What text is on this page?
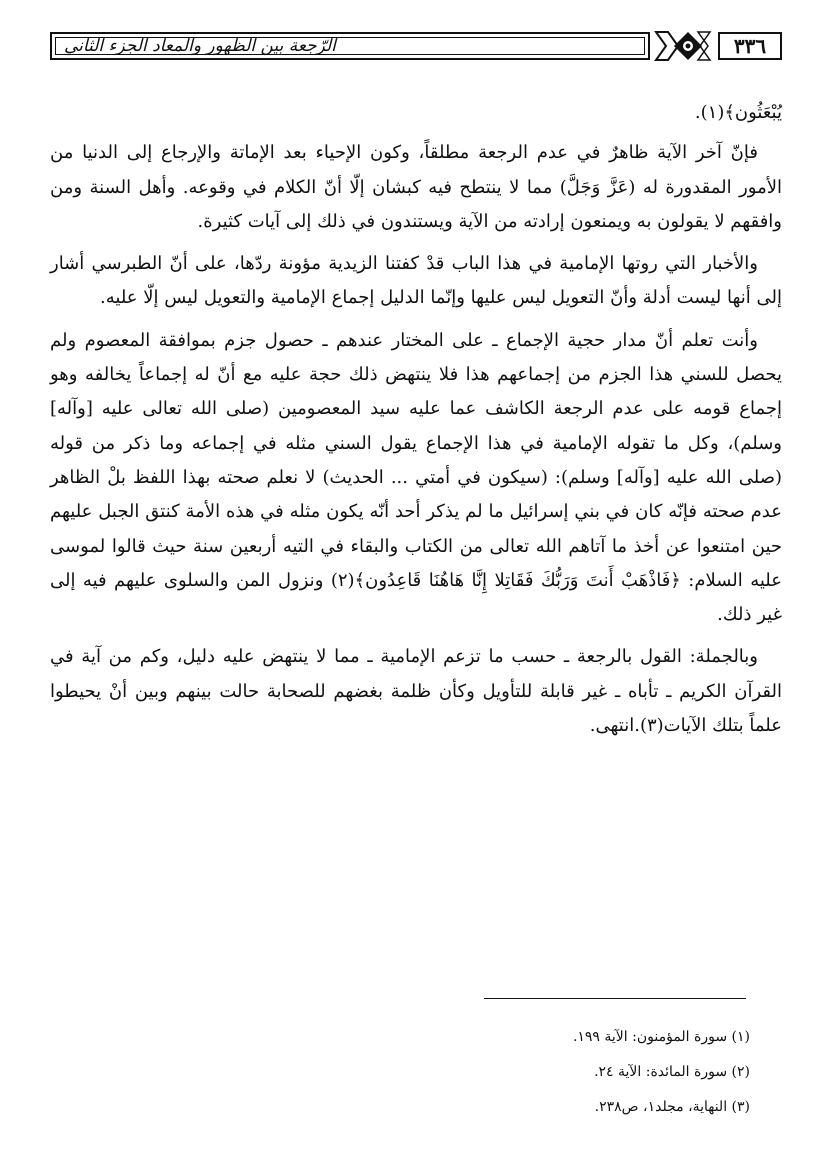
الرّجعة بين الظهور والمعاد الجزء الثاني	٣٣٦

يُبْعَثُون﴾(١).

فإنّ آخر الآية ظاهرٌ في عدم الرجعة مطلقاً، وكون الإحياء بعد الإماتة والإرجاع إلى الدنيا من الأمور المقدورة له (عَزَّ وَجَلَّ) مما لا ينتطح فيه كبشان إلّا أنّ الكلام في وقوعه. وأهل السنة ومن وافقهم لا يقولون به ويمنعون إرادته من الآية ويستندون في ذلك إلى آيات كثيرة.

والأخبار التي روتها الإمامية في هذا الباب قدْ كفتنا الزيدية مؤونة ردّها، على أنّ الطبرسي أشار إلى أنها ليست أدلة وأنّ التعويل ليس عليها وإنّما الدليل إجماع الإمامية والتعويل ليس إلّا عليه.

وأنت تعلم أنّ مدار حجية الإجماع ـ على المختار عندهم ـ حصول جزم بموافقة المعصوم ولم يحصل للسني هذا الجزم من إجماعهم هذا فلا ينتهض ذلك حجة عليه مع أنّ له إجماعاً يخالفه وهو إجماع قومه على عدم الرجعة الكاشف عما عليه سيد المعصومين (صلى الله تعالى عليه [وآله] وسلم)، وكل ما تقوله الإمامية في هذا الإجماع يقول السني مثله في إجماعه وما ذكر من قوله (صلى الله عليه [وآله] وسلم): (سيكون في أمتي ... الحديث) لا نعلم صحته بهذا اللفظ بلْ الظاهر عدم صحته فإنّه كان في بني إسرائيل ما لم يذكر أحد أنّه يكون مثله في هذه الأمة كنتق الجبل عليهم حين امتنعوا عن أخذ ما آتاهم الله تعالى من الكتاب والبقاء في التيه أربعين سنة حيث قالوا لموسى عليه السلام: ﴿فَاذْهَبْ أَنتَ وَرَبُّكَ فَقَاتِلا إِنَّا هَاهُنَا قَاعِدُون﴾(٢) ونزول المن والسلوى عليهم فيه إلى غير ذلك.

وبالجملة: القول بالرجعة ـ حسب ما تزعم الإمامية ـ مما لا ينتهض عليه دليل، وكم من آية في القرآن الكريم ـ تأباه ـ غير قابلة للتأويل وكأن ظلمة بغضهم للصحابة حالت بينهم وبين أنْ يحيطوا علماً بتلك الآيات(٣).انتهى.

(١) سورة المؤمنون: الآية ١٩٩.
(٢) سورة المائدة: الآية ٢٤.
(٣) النهاية، مجلد١، ص٢٣٨.
